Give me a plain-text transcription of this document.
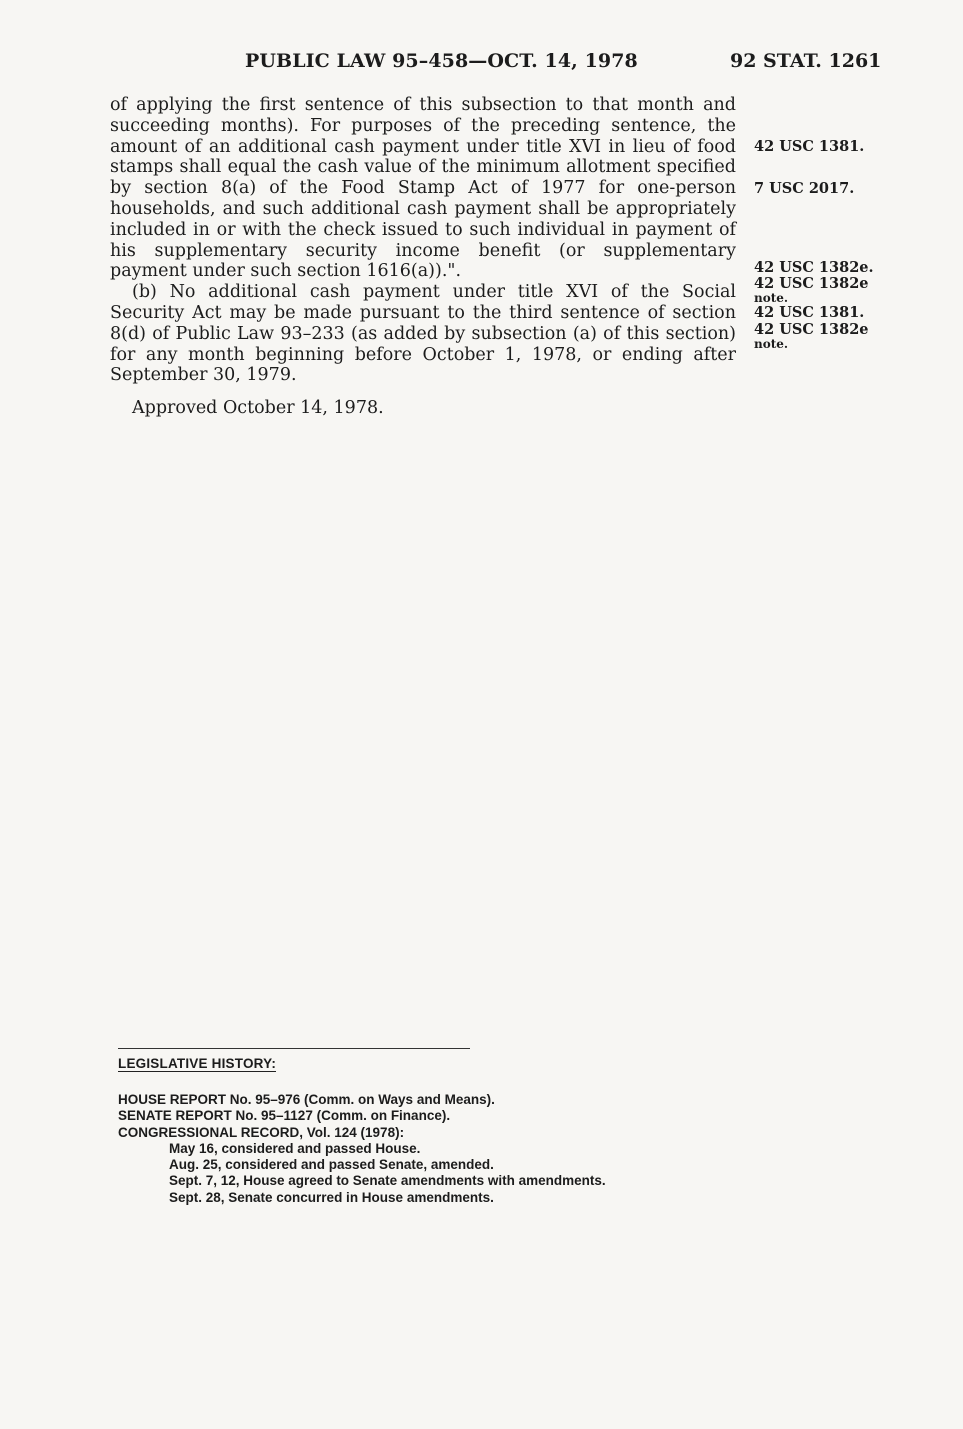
PUBLIC LAW 95–458—OCT. 14, 1978	92 STAT. 1261

of applying the first sentence of this subsection to that month and succeeding months). For purposes of the preceding sentence, the amount of an additional cash payment under title XVI in lieu of food stamps shall equal the cash value of the minimum allotment specified by section 8(a) of the Food Stamp Act of 1977 for one-person households, and such additional cash payment shall be appropriately included in or with the check issued to such individual in payment of his supplementary security income benefit (or supplementary payment under such section 1616(a)).".

(b) No additional cash payment under title XVI of the Social Security Act may be made pursuant to the third sentence of section 8(d) of Public Law 93–233 (as added by subsection (a) of this section) for any month beginning before October 1, 1978, or ending after September 30, 1979.

Approved October 14, 1978.

42 USC 1381.
7 USC 2017.
42 USC 1382e.
42 USC 1382e
note.
42 USC 1381.
42 USC 1382e
note.
LEGISLATIVE HISTORY:
HOUSE REPORT No. 95–976 (Comm. on Ways and Means).
SENATE REPORT No. 95–1127 (Comm. on Finance).
CONGRESSIONAL RECORD, Vol. 124 (1978):
May 16, considered and passed House.
Aug. 25, considered and passed Senate, amended.
Sept. 7, 12, House agreed to Senate amendments with amendments.
Sept. 28, Senate concurred in House amendments.
